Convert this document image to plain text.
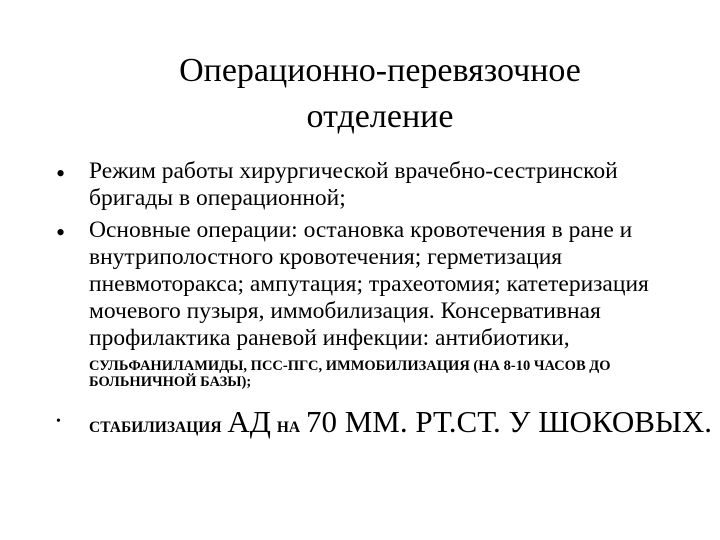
Операционно-перевязочное
отделение
• Режим работы хирургической врачебно-сестринской бригады в операционной;
• Основные операции: остановка кровотечения в ране и внутриполостного кровотечения; герметизация пневмоторакса; ампутация; трахеотомия; катетеризация мочевого пузыря, иммобилизация. Консервативная профилактика раневой инфекции: антибиотики,
СУЛЬФАНИЛАМИДЫ, ПСС-ПГС, ИММОБИЛИЗАЦИЯ (НА 8-10 ЧАСОВ ДО БОЛЬНИЧНОЙ БАЗЫ);
• СТАБИЛИЗАЦИЯ АД НА 70 ММ. РТ.СТ. У ШОКОВЫХ.
